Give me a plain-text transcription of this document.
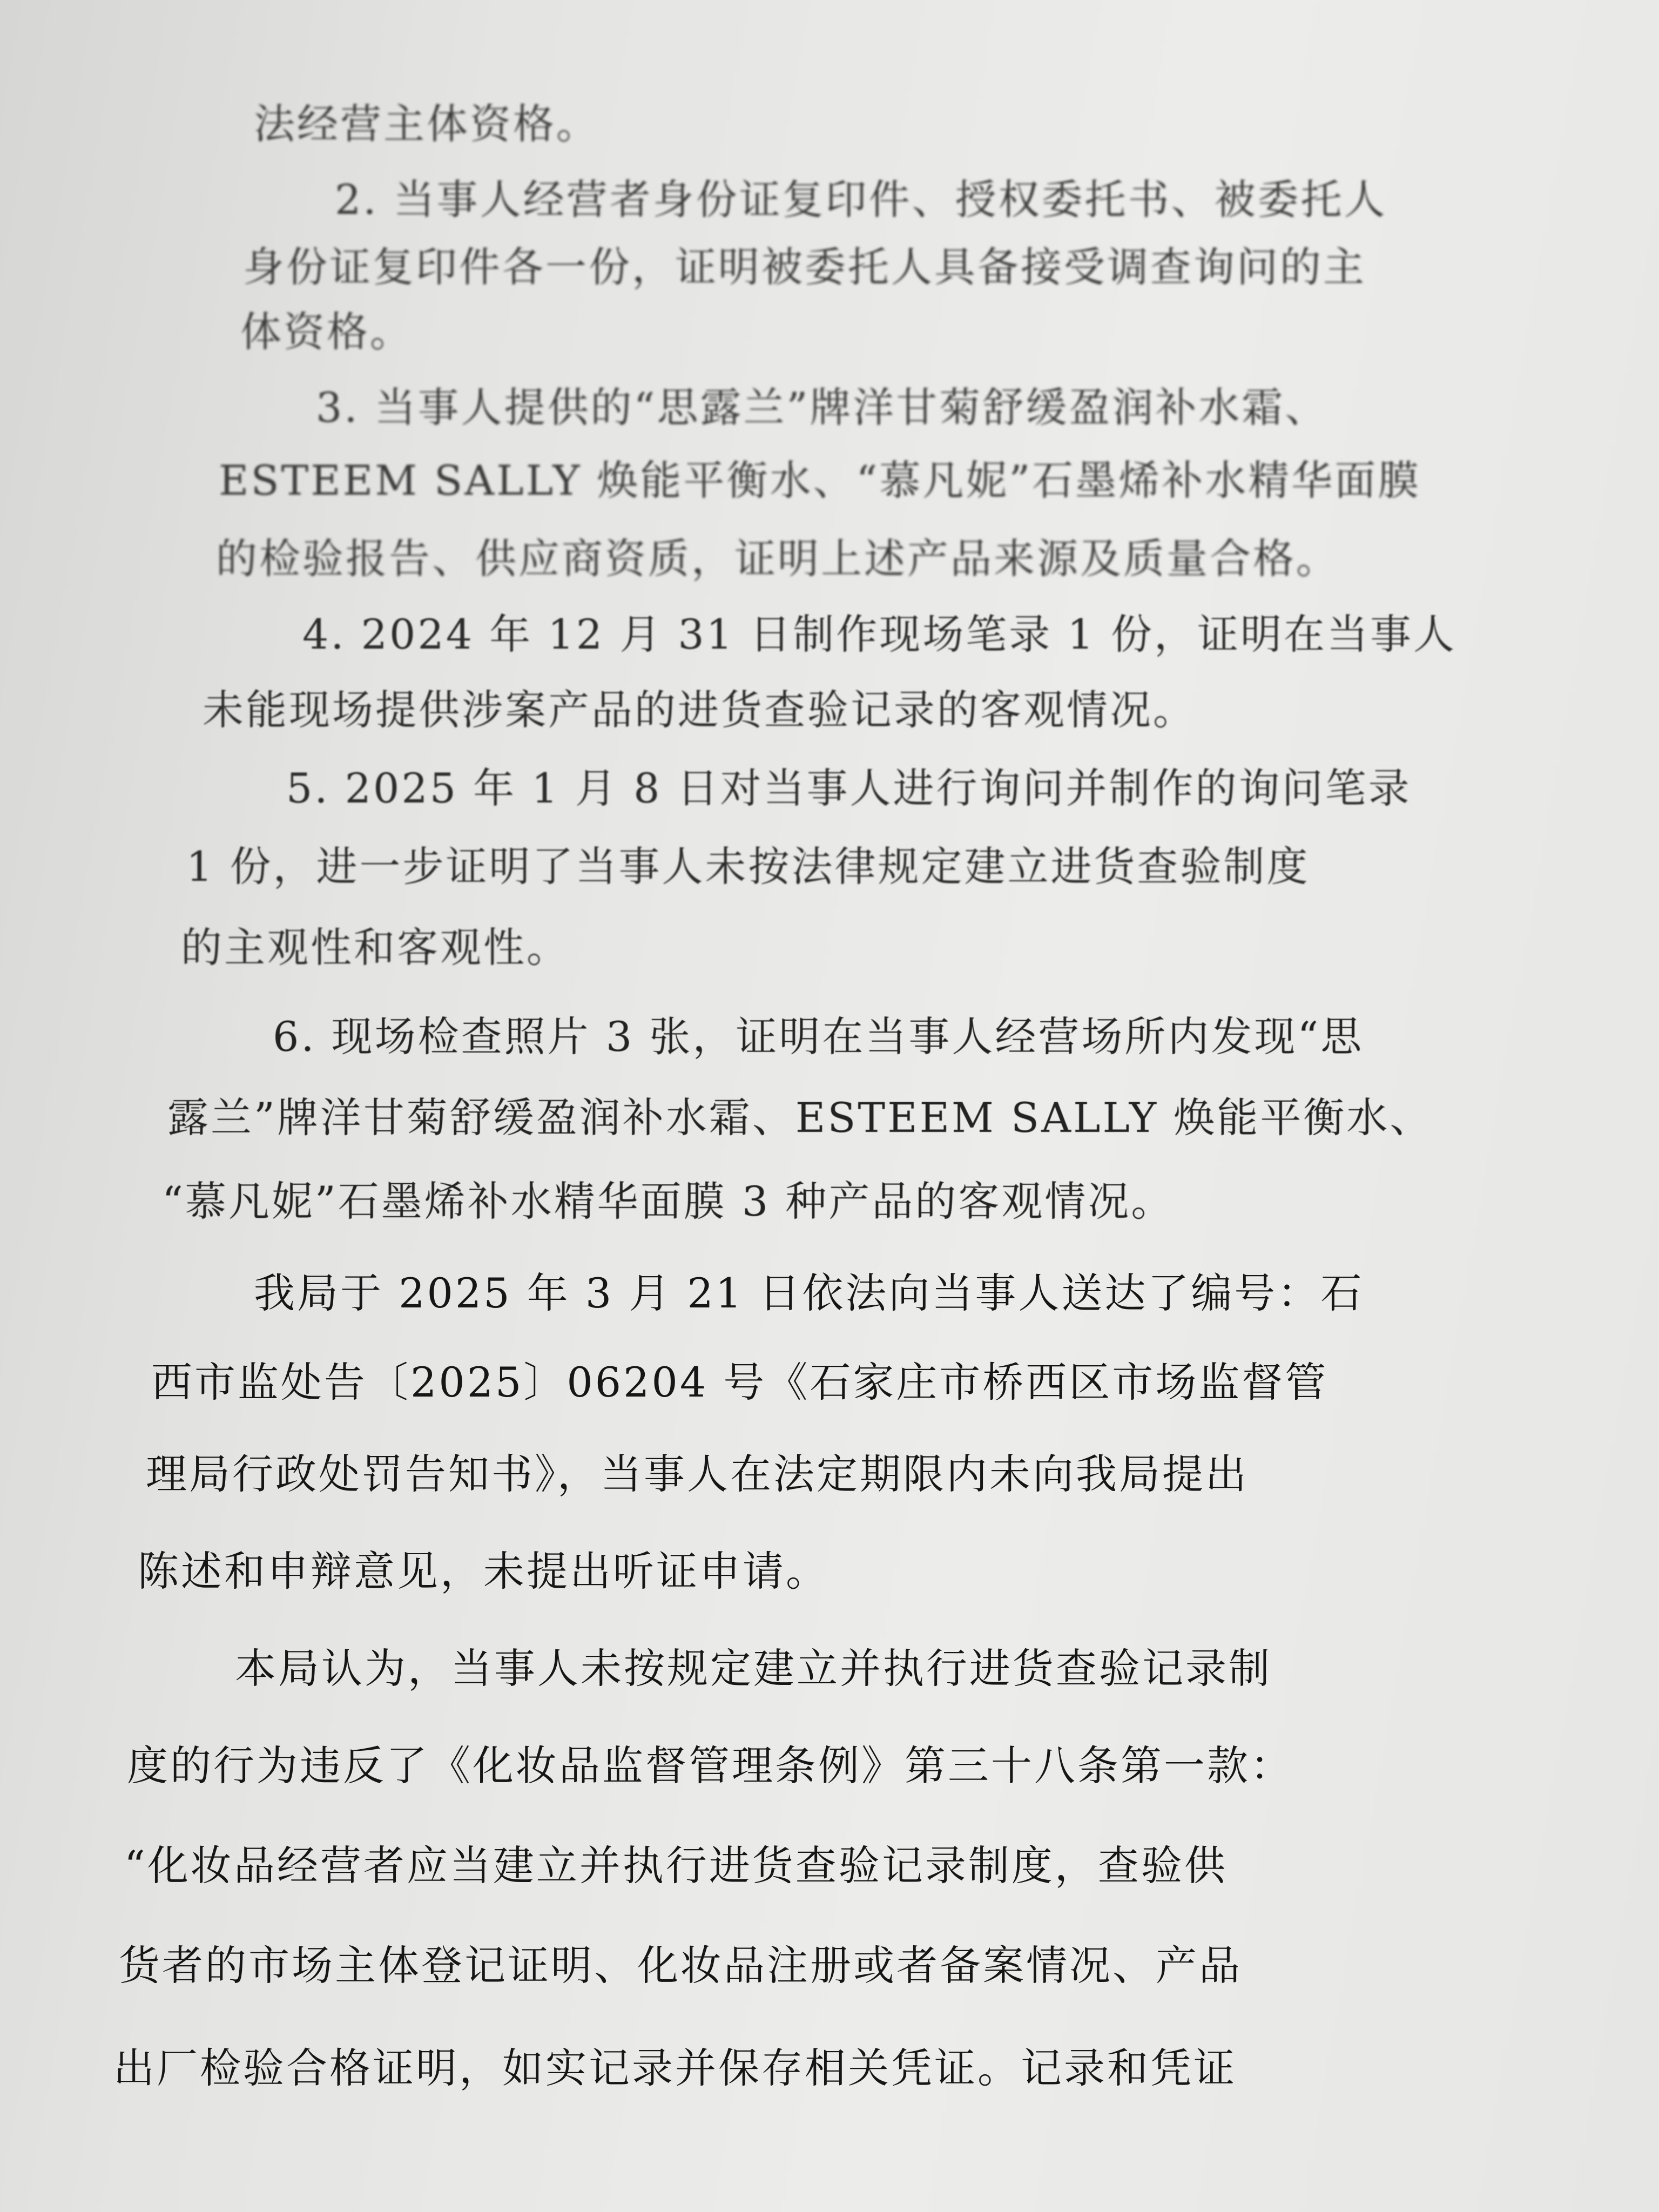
法经营主体资格。
2. 当事人经营者身份证复印件、授权委托书、被委托人
身份证复印件各一份，证明被委托人具备接受调查询问的主
体资格。
3. 当事人提供的“思露兰”牌洋甘菊舒缓盈润补水霜、
ESTEEM SALLY 焕能平衡水、“慕凡妮”石墨烯补水精华面膜
的检验报告、供应商资质，证明上述产品来源及质量合格。
4. 2024 年 12 月 31 日制作现场笔录 1 份，证明在当事人
未能现场提供涉案产品的进货查验记录的客观情况。
5. 2025 年 1 月 8 日对当事人进行询问并制作的询问笔录
1 份，进一步证明了当事人未按法律规定建立进货查验制度
的主观性和客观性。
6. 现场检查照片 3 张，证明在当事人经营场所内发现“思
露兰”牌洋甘菊舒缓盈润补水霜、ESTEEM SALLY 焕能平衡水、
“慕凡妮”石墨烯补水精华面膜 3 种产品的客观情况。
我局于 2025 年 3 月 21 日依法向当事人送达了编号：石
西市监处告〔2025〕06204 号《石家庄市桥西区市场监督管
理局行政处罚告知书》，当事人在法定期限内未向我局提出
陈述和申辩意见，未提出听证申请。
本局认为，当事人未按规定建立并执行进货查验记录制
度的行为违反了《化妆品监督管理条例》第三十八条第一款：
“化妆品经营者应当建立并执行进货查验记录制度，查验供
货者的市场主体登记证明、化妆品注册或者备案情况、产品
出厂检验合格证明，如实记录并保存相关凭证。记录和凭证
